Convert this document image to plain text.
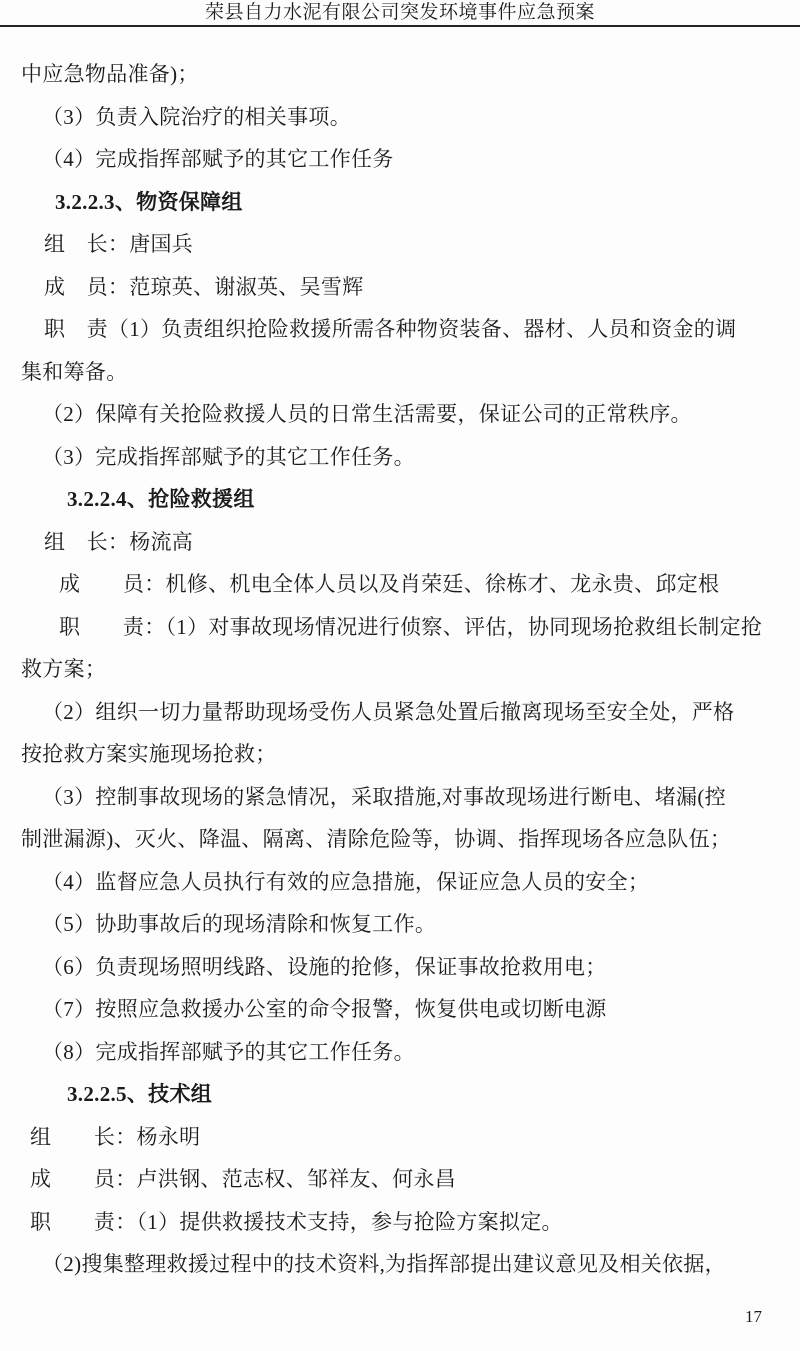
荣县自力水泥有限公司突发环境事件应急预案
中应急物品准备)；
（3）负责入院治疗的相关事项。
（4）完成指挥部赋予的其它工作任务
3.2.2.3、物资保障组
组　长：唐国兵
成　员：范琼英、谢淑英、吴雪辉
职　责（1）负责组织抢险救援所需各种物资装备、器材、人员和资金的调
集和筹备。
（2）保障有关抢险救援人员的日常生活需要，保证公司的正常秩序。
（3）完成指挥部赋予的其它工作任务。
3.2.2.4、抢险救援组
组　长：杨流高
成　　员：机修、机电全体人员以及肖荣廷、徐栋才、龙永贵、邱定根
职　　责：（1）对事故现场情况进行侦察、评估，协同现场抢救组长制定抢
救方案；
（2）组织一切力量帮助现场受伤人员紧急处置后撤离现场至安全处，严格
按抢救方案实施现场抢救；
（3）控制事故现场的紧急情况，采取措施,对事故现场进行断电、堵漏(控
制泄漏源)、灭火、降温、隔离、清除危险等，协调、指挥现场各应急队伍；
（4）监督应急人员执行有效的应急措施，保证应急人员的安全；
（5）协助事故后的现场清除和恢复工作。
（6）负责现场照明线路、设施的抢修，保证事故抢救用电；
（7）按照应急救援办公室的命令报警，恢复供电或切断电源
（8）完成指挥部赋予的其它工作任务。
3.2.2.5、技术组
组　　长：杨永明
成　　员：卢洪钢、范志权、邹祥友、何永昌
职　　责：（1）提供救援技术支持，参与抢险方案拟定。
（2)搜集整理救援过程中的技术资料,为指挥部提出建议意见及相关依据，
17
